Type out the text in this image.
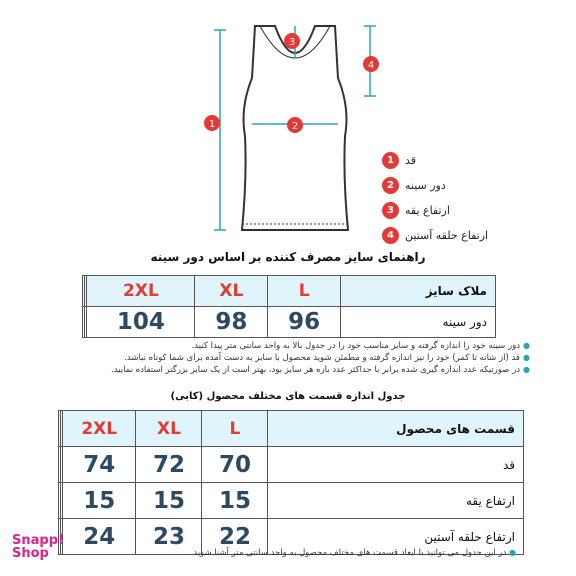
1	2
3
4
1	قد
2	دور سینه
3	ارتفاع یقه
4	ارتفاع حلقه آستین
راهنمای سایز مصرف کننده بر اساس دور سینه
		2XL	XL	L	ملاک سایز
		104	98	96	دور سینه
●
دور سینه خود را اندازه گرفته و سایز مناسب خود را در جدول بالا به واحد سانتی متر پیدا کنید.
●
قد (از شانه تا کمر) خود را نیز اندازه گرفته و مطمئن شوید محصول با سایز به دست آمده برای شما کوتاه نباشد.
●
در صورتیکه عدد اندازه گیری شده برابر با حداکثر عدد بازه هر سایز بود، بهتر است از یک سایز بزرگتر استفاده نمایید.
جدول اندازه قسمت های مختلف محصول (کابی)
		2XL	XL	L	قسمت های محصول
		74	72	70	قد
		15	15	15	ارتفاع یقه
		24	23	22	ارتفاع حلقه آستین
● در این جدول می توانید با ابعاد قسمت های مختلف محصول به واحد سانتی متر آشنا شوید.
Snapp!
Shop
